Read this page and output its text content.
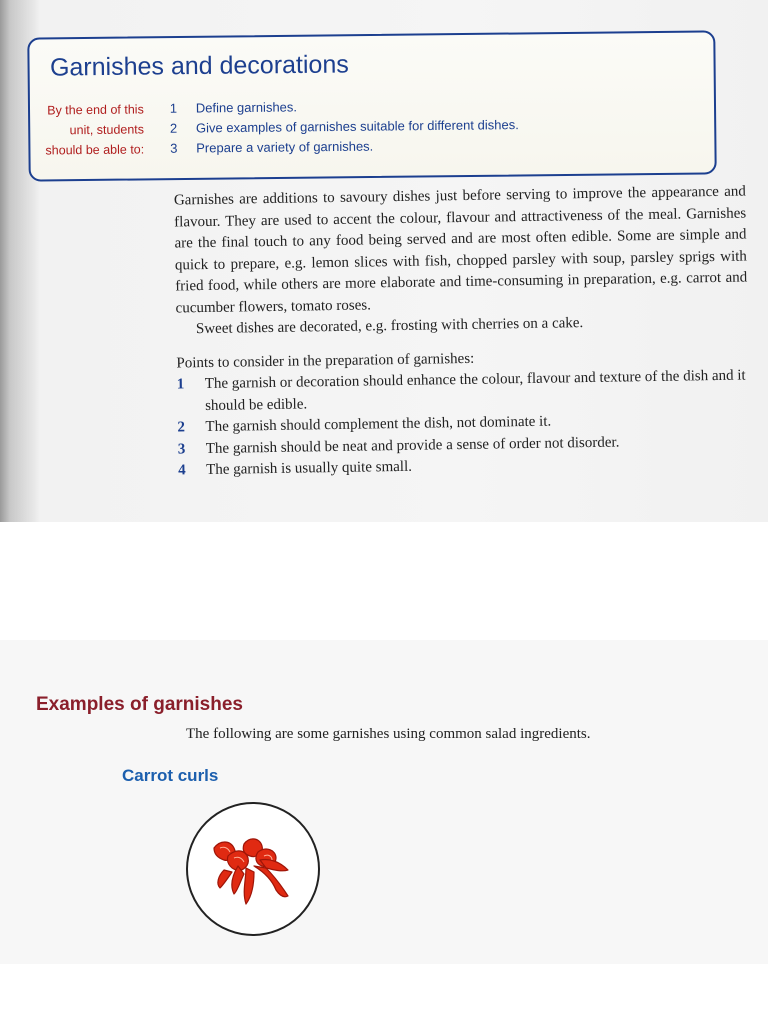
Garnishes and decorations
By the end of this
unit, students
should be able to:
1	Define garnishes.
2	Give examples of garnishes suitable for different dishes.
3	Prepare a variety of garnishes.

Garnishes are additions to savoury dishes just before serving to improve the appearance and flavour. They are used to accent the colour, flavour and attractiveness of the meal. Garnishes are the final touch to any food being served and are most often edible. Some are simple and quick to prepare, e.g. lemon slices with fish, chopped parsley with soup, parsley sprigs with fried food, while others are more elaborate and time-consuming in preparation, e.g. carrot and cucumber flowers, tomato roses.

Sweet dishes are decorated, e.g. frosting with cherries on a cake.

Points to consider in the preparation of garnishes:

1	The garnish or decoration should enhance the colour, flavour and texture of the dish and it should be edible.
2	The garnish should complement the dish, not dominate it.
3	The garnish should be neat and provide a sense of order not disorder.
4	The garnish is usually quite small.
Examples of garnishes

The following are some garnishes using common salad ingredients.

Carrot curls
